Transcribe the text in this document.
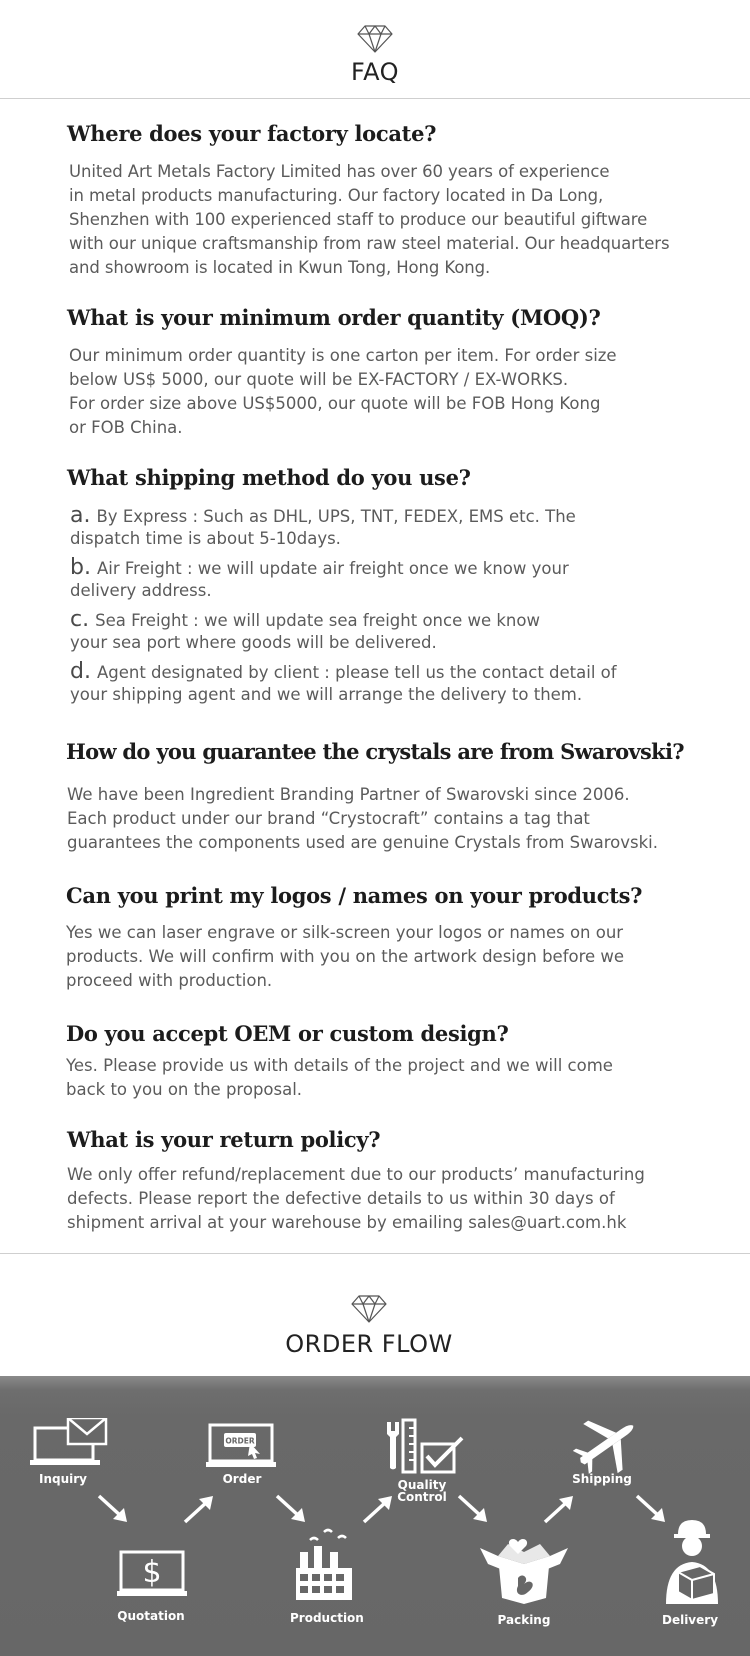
FAQ
Where does your factory locate?
United Art Metals Factory Limited has over 60 years of experience
in metal products manufacturing. Our factory located in Da Long,
Shenzhen with 100 experienced staff to produce our beautiful giftware
with our unique craftsmanship from raw steel material. Our headquarters
and showroom is located in Kwun Tong, Hong Kong.
What is your minimum order quantity (MOQ)?
Our minimum order quantity is one carton per item. For order size
below US$ 5000, our quote will be EX-FACTORY / EX-WORKS.
For order size above US$5000, our quote will be FOB Hong Kong
or FOB China.
What shipping method do you use?
a. By Express : Such as DHL, UPS, TNT, FEDEX, EMS etc. The
dispatch time is about 5-10days.
b. Air Freight : we will update air freight once we know your
delivery address.
c. Sea Freight : we will update sea freight once we know
your sea port where goods will be delivered.
d. Agent designated by client : please tell us the contact detail of
your shipping agent and we will arrange the delivery to them.
How do you guarantee the crystals are from Swarovski?
We have been Ingredient Branding Partner of Swarovski since 2006.
Each product under our brand “Crystocraft” contains a tag that
guarantees the components used are genuine Crystals from Swarovski.
Can you print my logos / names on your products?
Yes we can laser engrave or silk-screen your logos or names on our
products. We will confirm with you on the artwork design before we
proceed with production.
Do you accept OEM or custom design?
Yes. Please provide us with details of the project and we will come
back to you on the proposal.
What is your return policy?
We only offer refund/replacement due to our products’ manufacturing
defects. Please report the defective details to us within 30 days of
shipment arrival at your warehouse by emailing sales@uart.com.hk
ORDER FLOW
Inquiry
ORDER
Order	Quality
Control
Shipping
$
Quotation	Production	Packing	Delivery
